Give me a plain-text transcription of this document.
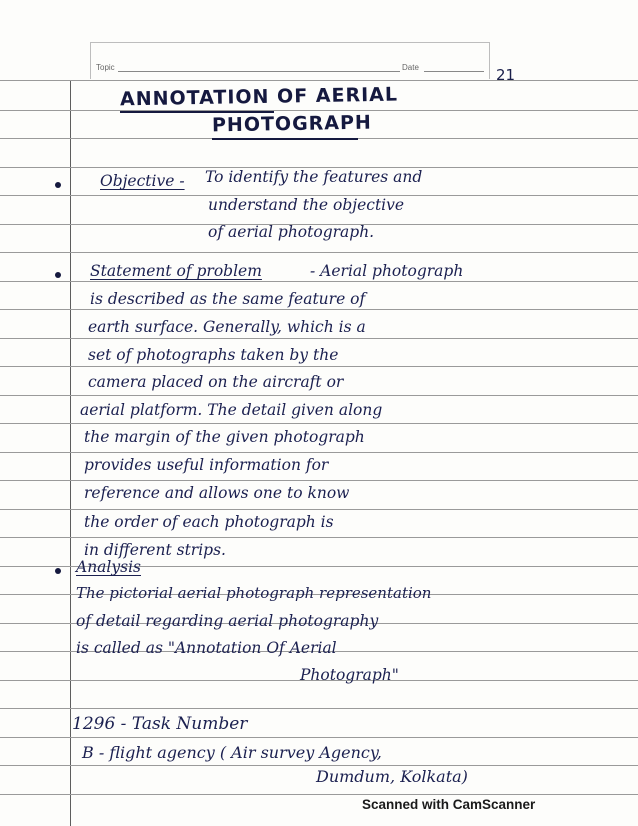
Topic	Date	21
ANNOTATION OF AERIAL
PHOTOGRAPH
Objective - To identify the features and
understand the objective
of aerial photograph.
Statement of problem	- Aerial photograph
is described as the same feature of
earth surface. Generally, which is a
set of photographs taken by the
camera placed on the aircraft or
aerial platform. The detail given along
the margin of the given photograph
provides useful information for
reference and allows one to know
the order of each photograph is
in different strips.
Analysis
The pictorial aerial photograph representation
of detail regarding aerial photography
is called as "Annotation Of Aerial
Photograph"
1296 - Task Number
B - flight agency ( Air survey Agency,
Dumdum, Kolkata)
Scanned with CamScanner
